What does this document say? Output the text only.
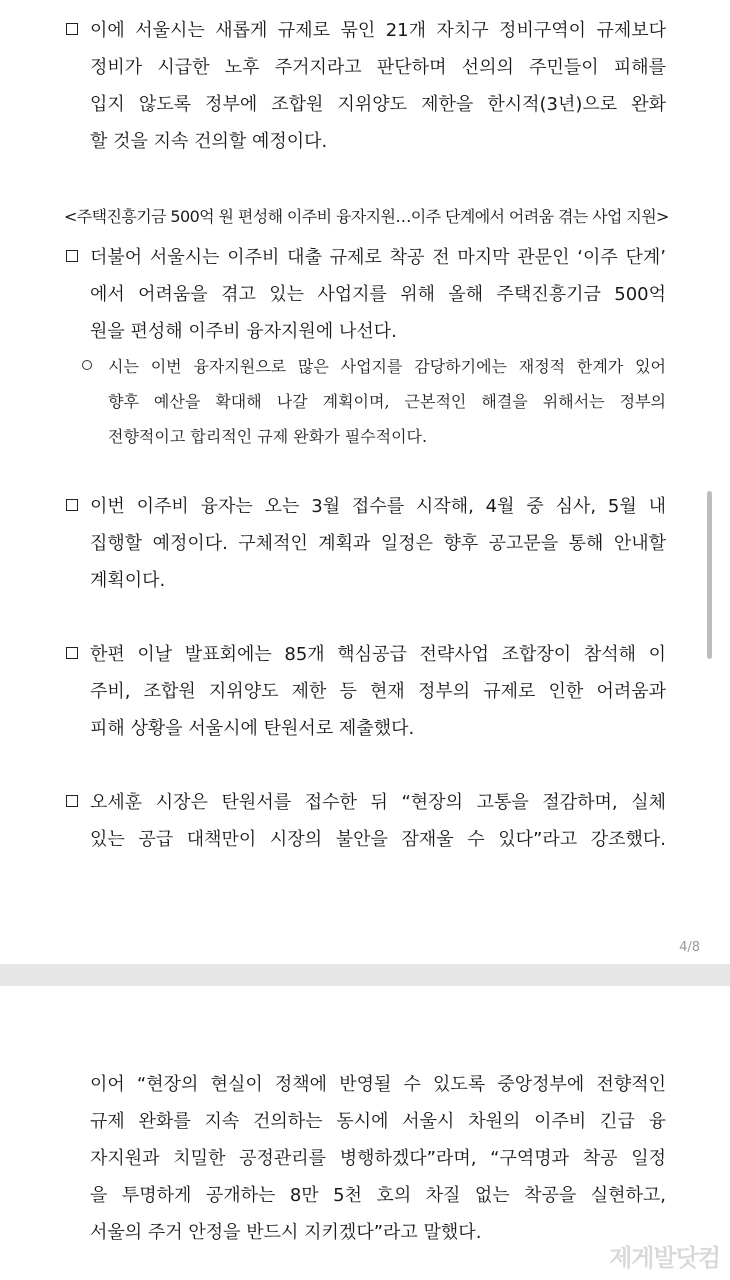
이에 서울시는 새롭게 규제로 묶인 21개 자치구 정비구역이 규제보다
정비가 시급한 노후 주거지라고 판단하며 선의의 주민들이 피해를
입지 않도록 정부에 조합원 지위양도 제한을 한시적(3년)으로 완화
할 것을 지속 건의할 예정이다.
<주택진흥기금 500억 원 편성해 이주비 융자지원…이주 단계에서 어려움 겪는 사업 지원>
더불어 서울시는 이주비 대출 규제로 착공 전 마지막 관문인 ‘이주 단계’
에서 어려움을 겪고 있는 사업지를 위해 올해 주택진흥기금 500억
원을 편성해 이주비 융자지원에 나선다.
시는 이번 융자지원으로 많은 사업지를 감당하기에는 재정적 한계가 있어
향후 예산을 확대해 나갈 계획이며, 근본적인 해결을 위해서는 정부의
전향적이고 합리적인 규제 완화가 필수적이다.
이번 이주비 융자는 오는 3월 접수를 시작해, 4월 중 심사, 5월 내
집행할 예정이다. 구체적인 계획과 일정은 향후 공고문을 통해 안내할
계획이다.
한편 이날 발표회에는 85개 핵심공급 전략사업 조합장이 참석해 이
주비, 조합원 지위양도 제한 등 현재 정부의 규제로 인한 어려움과
피해 상황을 서울시에 탄원서로 제출했다.
오세훈 시장은 탄원서를 접수한 뒤 “현장의 고통을 절감하며, 실체
있는 공급 대책만이 시장의 불안을 잠재울 수 있다”라고 강조했다.
4/8
이어 “현장의 현실이 정책에 반영될 수 있도록 중앙정부에 전향적인
규제 완화를 지속 건의하는 동시에 서울시 차원의 이주비 긴급 융
자지원과 치밀한 공정관리를 병행하겠다”라며, “구역명과 착공 일정
을 투명하게 공개하는 8만 5천 호의 차질 없는 착공을 실현하고,
서울의 주거 안정을 반드시 지키겠다”라고 말했다.
제게발닷컴
